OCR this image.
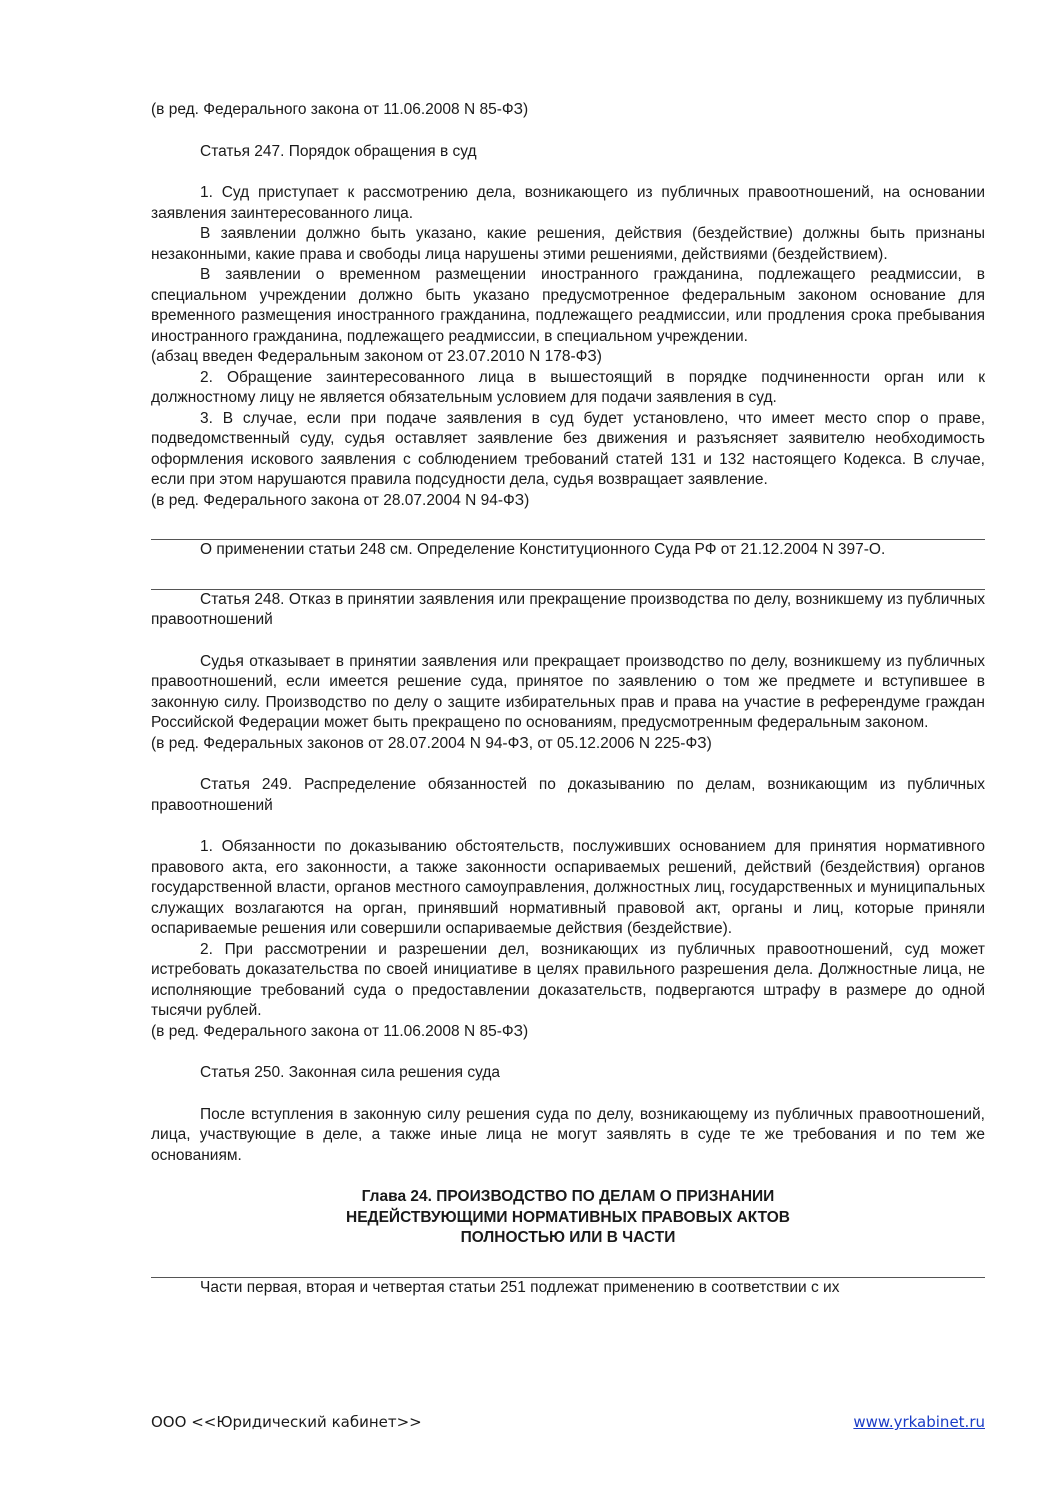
(в ред. Федерального закона от 11.06.2008 N 85-ФЗ)

Статья 247. Порядок обращения в суд

1. Суд приступает к рассмотрению дела, возникающего из публичных правоотношений, на основании заявления заинтересованного лица.

В заявлении должно быть указано, какие решения, действия (бездействие) должны быть признаны незаконными, какие права и свободы лица нарушены этими решениями, действиями (бездействием).

В заявлении о временном размещении иностранного гражданина, подлежащего реадмиссии, в специальном учреждении должно быть указано предусмотренное федеральным законом основание для временного размещения иностранного гражданина, подлежащего реадмиссии, или продления срока пребывания иностранного гражданина, подлежащего реадмиссии, в специальном учреждении.

(абзац введен Федеральным законом от 23.07.2010 N 178-ФЗ)

2. Обращение заинтересованного лица в вышестоящий в порядке подчиненности орган или к должностному лицу не является обязательным условием для подачи заявления в суд.

3. В случае, если при подаче заявления в суд будет установлено, что имеет место спор о праве, подведомственный суду, судья оставляет заявление без движения и разъясняет заявителю необходимость оформления искового заявления с соблюдением требований статей 131 и 132 настоящего Кодекса. В случае, если при этом нарушаются правила подсудности дела, судья возвращает заявление.

(в ред. Федерального закона от 28.07.2004 N 94-ФЗ)

О применении статьи 248 см. Определение Конституционного Суда РФ от 21.12.2004 N 397-О.

Статья 248. Отказ в принятии заявления или прекращение производства по делу, возникшему из публичных правоотношений

Судья отказывает в принятии заявления или прекращает производство по делу, возникшему из публичных правоотношений, если имеется решение суда, принятое по заявлению о том же предмете и вступившее в законную силу. Производство по делу о защите избирательных прав и права на участие в референдуме граждан Российской Федерации может быть прекращено по основаниям, предусмотренным федеральным законом.

(в ред. Федеральных законов от 28.07.2004 N 94-ФЗ, от 05.12.2006 N 225-ФЗ)

Статья 249. Распределение обязанностей по доказыванию по делам, возникающим из публичных правоотношений

1. Обязанности по доказыванию обстоятельств, послуживших основанием для принятия нормативного правового акта, его законности, а также законности оспариваемых решений, действий (бездействия) органов государственной власти, органов местного самоуправления, должностных лиц, государственных и муниципальных служащих возлагаются на орган, принявший нормативный правовой акт, органы и лиц, которые приняли оспариваемые решения или совершили оспариваемые действия (бездействие).

2. При рассмотрении и разрешении дел, возникающих из публичных правоотношений, суд может истребовать доказательства по своей инициативе в целях правильного разрешения дела. Должностные лица, не исполняющие требований суда о предоставлении доказательств, подвергаются штрафу в размере до одной тысячи рублей.

(в ред. Федерального закона от 11.06.2008 N 85-ФЗ)

Статья 250. Законная сила решения суда

После вступления в законную силу решения суда по делу, возникающему из публичных правоотношений, лица, участвующие в деле, а также иные лица не могут заявлять в суде те же требования и по тем же основаниям.

Глава 24. ПРОИЗВОДСТВО ПО ДЕЛАМ О ПРИЗНАНИИ
НЕДЕЙСТВУЮЩИМИ НОРМАТИВНЫХ ПРАВОВЫХ АКТОВ
ПОЛНОСТЬЮ ИЛИ В ЧАСТИ

Части первая, вторая и четвертая статьи 251 подлежат применению в соответствии с их

ООО <<Юридический кабинет>>	www.yrkabinet.ru
